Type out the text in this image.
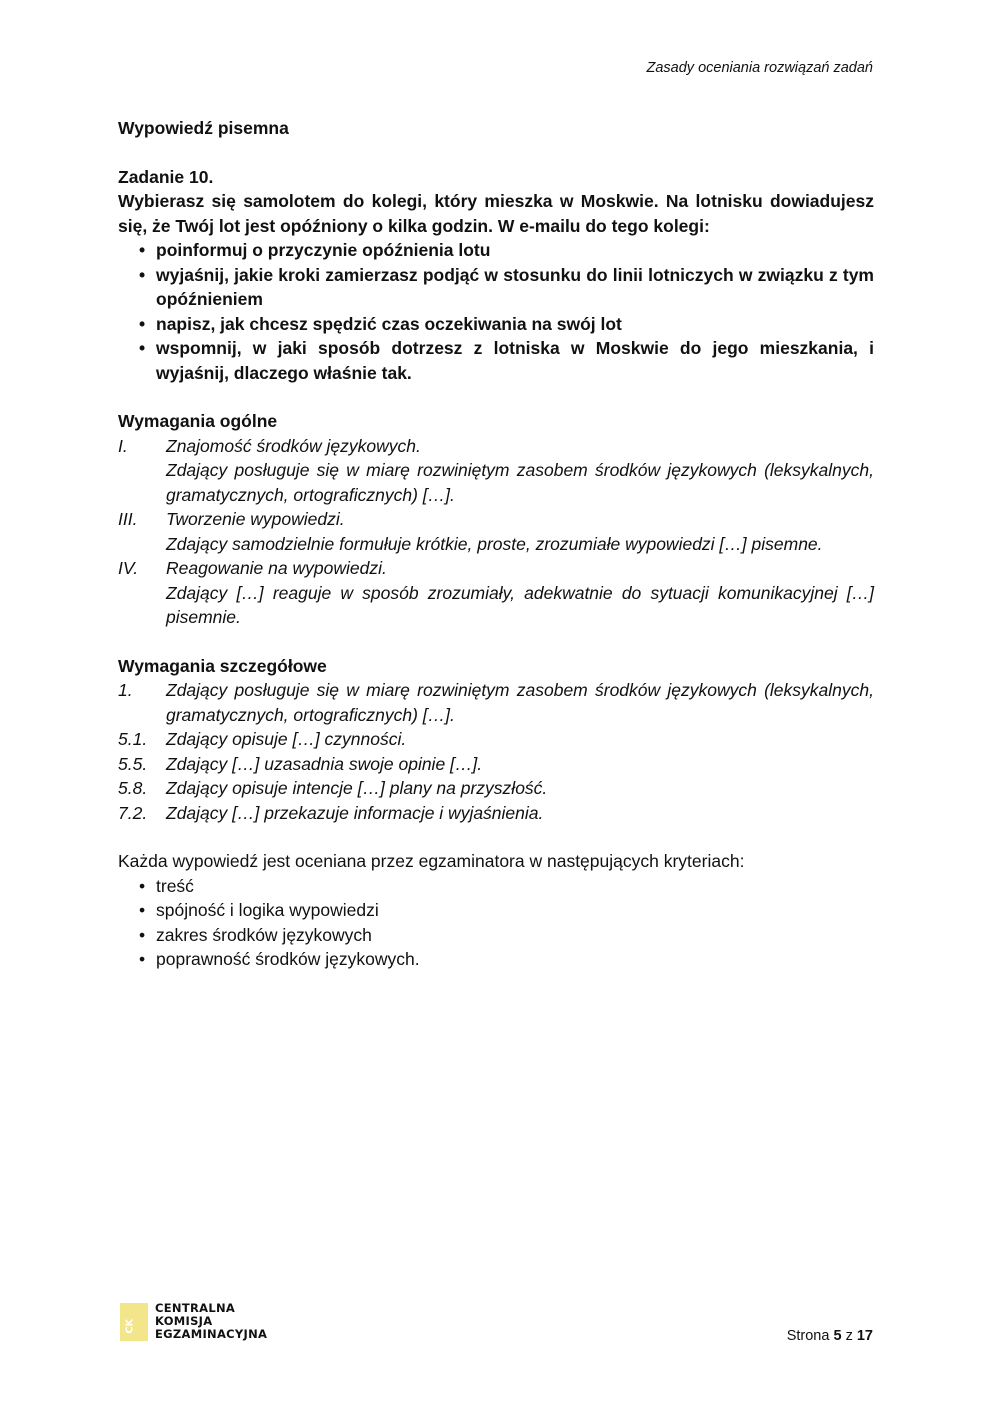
Zasady oceniania rozwiązań zadań
Wypowiedź pisemna
Zadanie 10.
Wybierasz się samolotem do kolegi, który mieszka w Moskwie. Na lotnisku dowiadujesz się, że Twój lot jest opóźniony o kilka godzin. W e-mailu do tego kolegi:
• poinformuj o przyczynie opóźnienia lotu
• wyjaśnij, jakie kroki zamierzasz podjąć w stosunku do linii lotniczych w związku z tym opóźnieniem
• napisz, jak chcesz spędzić czas oczekiwania na swój lot
• wspomnij, w jaki sposób dotrzesz z lotniska w Moskwie do jego mieszkania, i wyjaśnij, dlaczego właśnie tak.
Wymagania ogólne
I.	Znajomość środków językowych.
Zdający posługuje się w miarę rozwiniętym zasobem środków językowych (leksykalnych, gramatycznych, ortograficznych) […].
III.	Tworzenie wypowiedzi.
Zdający samodzielnie formułuje krótkie, proste, zrozumiałe wypowiedzi […] pisemne.
IV.	Reagowanie na wypowiedzi.
Zdający […] reaguje w sposób zrozumiały, adekwatnie do sytuacji komunikacyjnej […] pisemnie.
Wymagania szczegółowe
1.	Zdający posługuje się w miarę rozwiniętym zasobem środków językowych (leksykalnych, gramatycznych, ortograficznych) […].
5.1.	Zdający opisuje […] czynności.
5.5.	Zdający […] uzasadnia swoje opinie […].
5.8.	Zdający opisuje intencje […] plany na przyszłość.
7.2.	Zdający […] przekazuje informacje i wyjaśnienia.
Każda wypowiedź jest oceniana przez egzaminatora w następujących kryteriach:
• treść
• spójność i logika wypowiedzi
• zakres środków językowych
• poprawność środków językowych.
CK
CENTRALNA
KOMISJA
EGZAMINACYJNA	Strona 5 z 17
